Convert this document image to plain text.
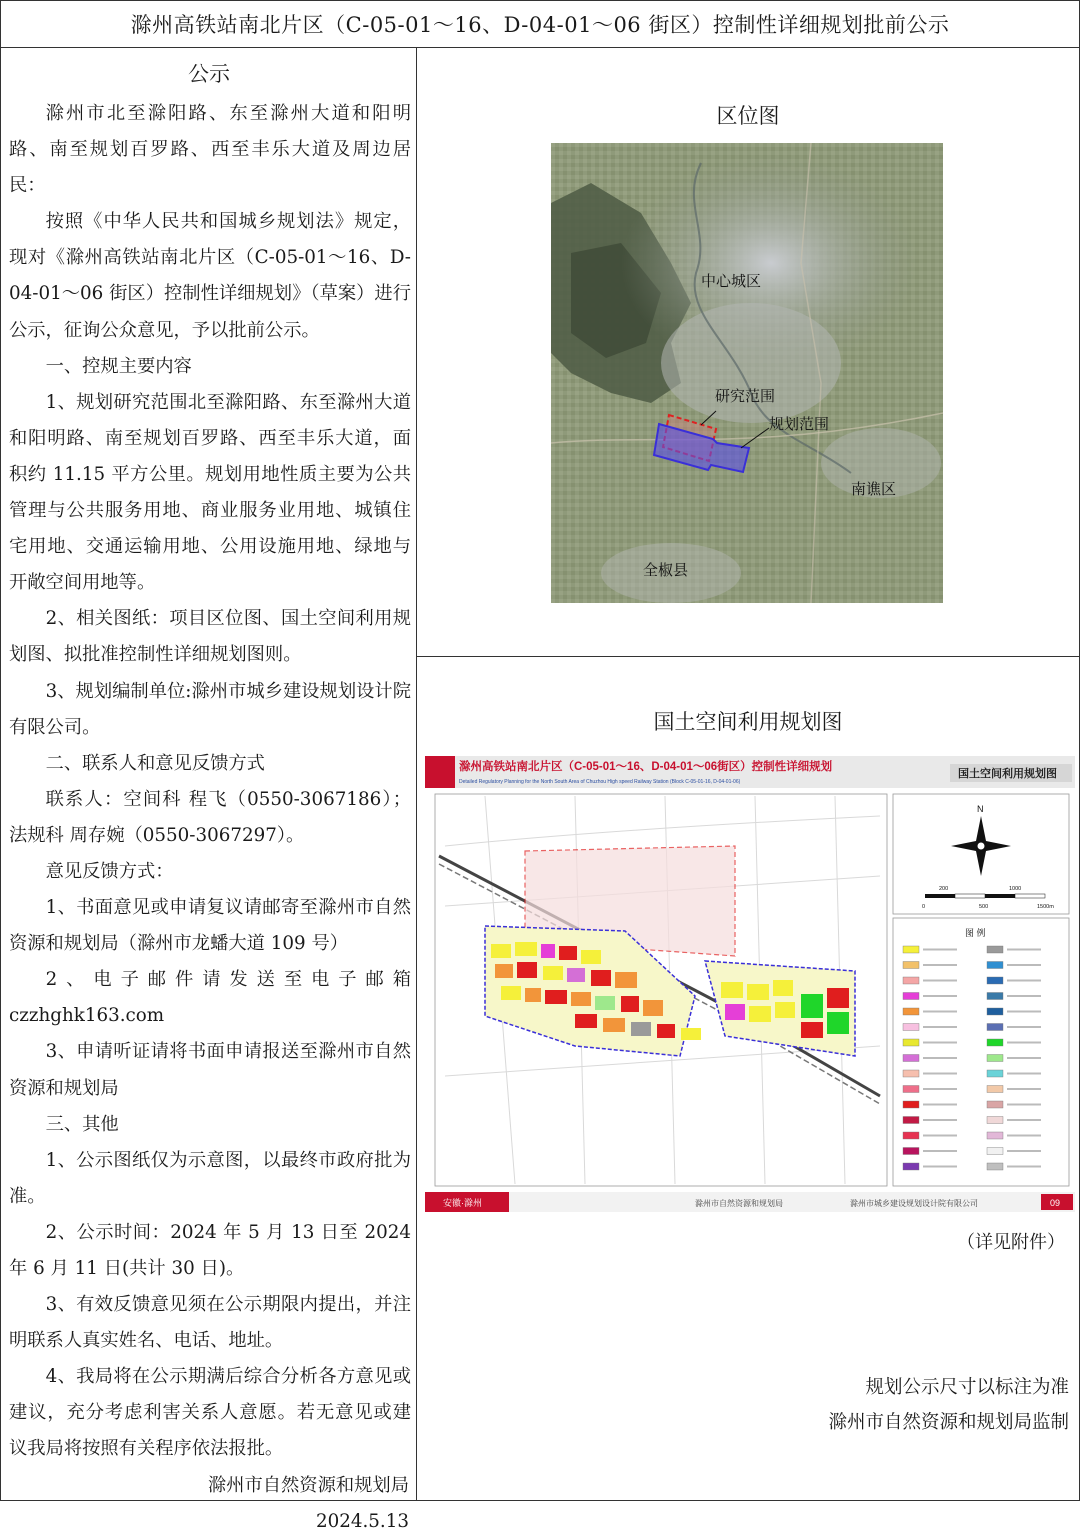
滁州高铁站南北片区（C-05-01～16、D-04-01～06 街区）控制性详细规划批前公示
公示

滁州市北至滁阳路、东至滁州大道和阳明路、南至规划百罗路、西至丰乐大道及周边居民：

按照《中华人民共和国城乡规划法》规定，现对《滁州高铁站南北片区（C-05-01～16、D-04-01～06 街区）控制性详细规划》（草案）进行公示，征询公众意见，予以批前公示。

一、控规主要内容

1、规划研究范围北至滁阳路、东至滁州大道和阳明路、南至规划百罗路、西至丰乐大道，面积约 11.15 平方公里。规划用地性质主要为公共管理与公共服务用地、商业服务业用地、城镇住宅用地、交通运输用地、公用设施用地、绿地与开敞空间用地等。

2、相关图纸：项目区位图、国土空间利用规划图、拟批准控制性详细规划图则。

3、规划编制单位:滁州市城乡建设规划设计院有限公司。

二、联系人和意见反馈方式

联系人：空间科 程飞（0550-3067186）；法规科 周存婉（0550-3067297）。

意见反馈方式：

1、书面意见或申请复议请邮寄至滁州市自然资源和规划局（滁州市龙蟠大道 109 号）

2、电子邮件请发送至电子邮箱czzhghk163.com

3、申请听证请将书面申请报送至滁州市自然资源和规划局

三、其他

1、公示图纸仅为示意图，以最终市政府批为准。

2、公示时间：2024 年 5 月 13 日至 2024 年 6 月 11 日(共计 30 日)。

3、有效反馈意见须在公示期限内提出，并注明联系人真实姓名、电话、地址。

4、我局将在公示期满后综合分析各方意见或建议，充分考虑利害关系人意愿。若无意见或建议我局将按照有关程序依法报批。

滁州市自然资源和规划局

2024.5.13

区位图
中心城区
研究范围
规划范围
南谯区
全椒县
国土空间利用规划图
滁州高铁站南北片区（C-05-01～16、D-04-01～06街区）控制性详细规划
Detailed Regulatory Planning for the North South Area of Chuzhou High speed Railway Station (Block C-05-01-16, D-04-01-06)
国土空间利用规划图
N
0
200
500
1000
1500m
图 例
安徽·滁州	滁州市自然资源和规划局	滁州市城乡建设规划设计院有限公司	09
（详见附件）
规划公示尺寸以标注为准
滁州市自然资源和规划局监制
